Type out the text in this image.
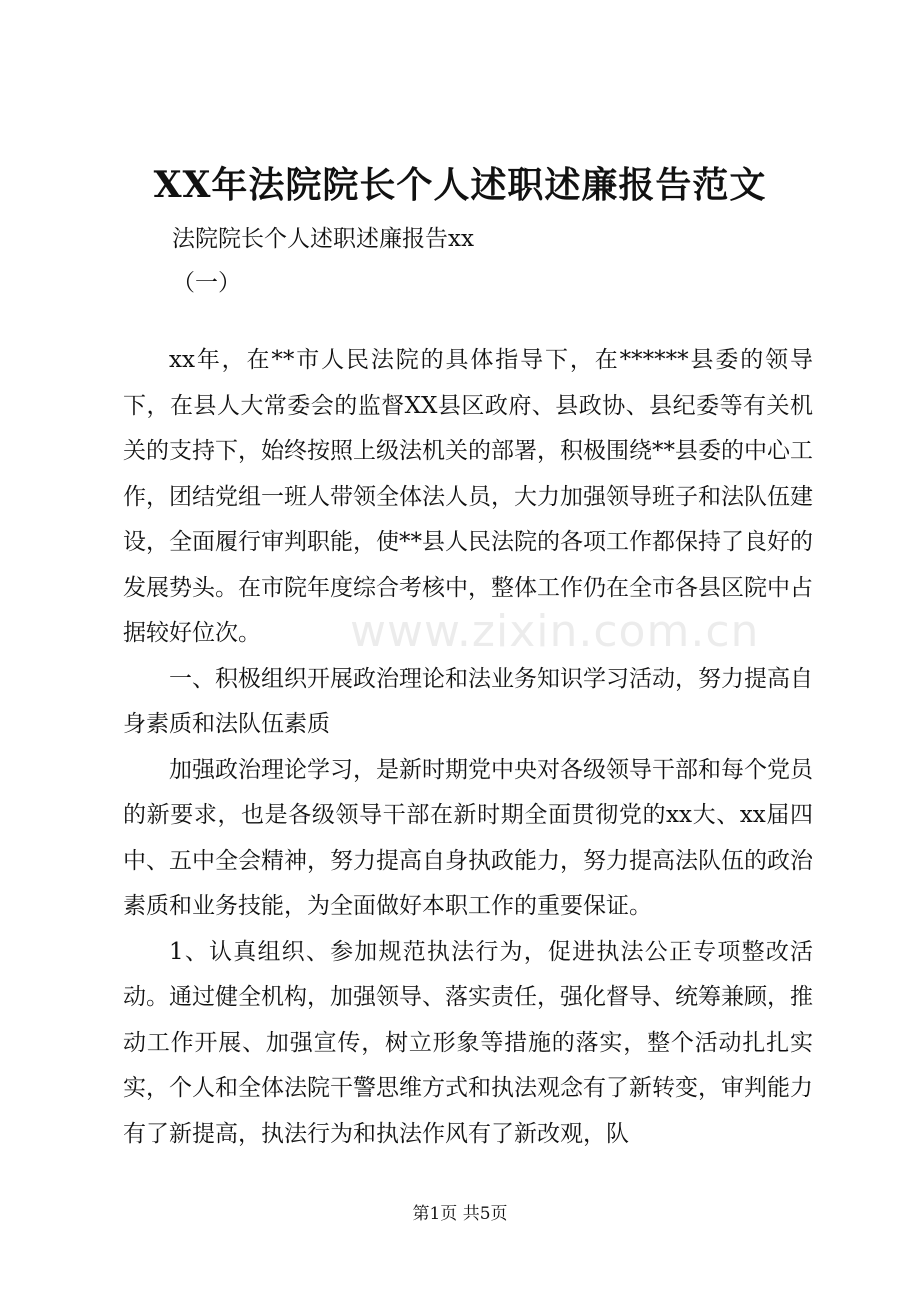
XX年法院院长个人述职述廉报告范文
法院院长个人述职述廉报告xx
（一）

xx年，在**市人民法院的具体指导下，在******县委的领导下，在县人大常委会的监督XX县区政府、县政协、县纪委等有关机关的支持下，始终按照上级法机关的部署，积极围绕**县委的中心工作，团结党组一班人带领全体法人员，大力加强领导班子和法队伍建设，全面履行审判职能，使**县人民法院的各项工作都保持了良好的发展势头。在市院年度综合考核中，整体工作仍在全市各县区院中占据较好位次。

一、积极组织开展政治理论和法业务知识学习活动，努力提高自身素质和法队伍素质

加强政治理论学习，是新时期党中央对各级领导干部和每个党员的新要求，也是各级领导干部在新时期全面贯彻党的xx大、xx届四中、五中全会精神，努力提高自身执政能力，努力提高法队伍的政治素质和业务技能，为全面做好本职工作的重要保证。

1、认真组织、参加规范执法行为，促进执法公正专项整改活动。通过健全机构，加强领导、落实责任，强化督导、统筹兼顾，推动工作开展、加强宣传，树立形象等措施的落实，整个活动扎扎实实，个人和全体法院干警思维方式和执法观念有了新转变，审判能力有了新提高，执法行为和执法作风有了新改观，队

www.zixin.com.cn
第1页 共5页
